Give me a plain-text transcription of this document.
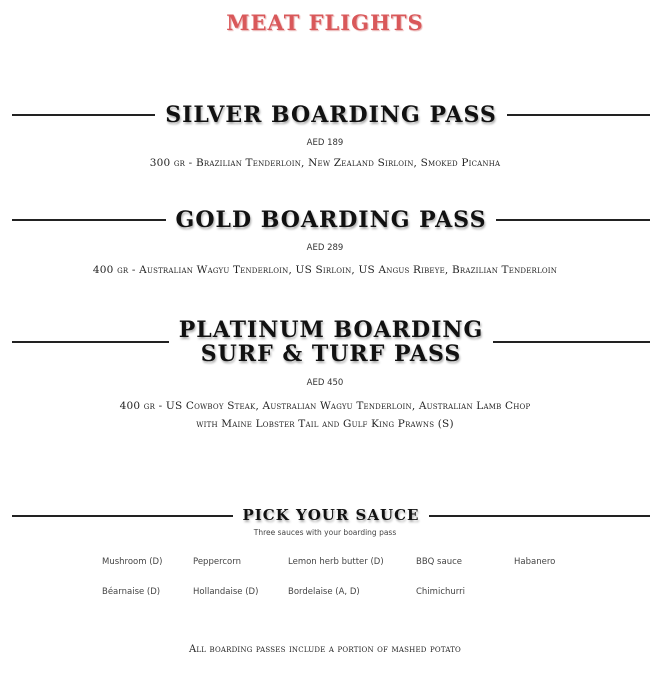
MEAT FLIGHTS
SILVER BOARDING PASS
AED 189
300 gr - Brazilian Tenderloin, New Zealand Sirloin, Smoked Picanha
GOLD BOARDING PASS
AED 289
400 gr - Australian Wagyu Tenderloin, US Sirloin, US Angus Ribeye, Brazilian Tenderloin
PLATINUM BOARDING
SURF & TURF PASS
AED 450
400 gr - US Cowboy Steak, Australian Wagyu Tenderloin, Australian Lamb Chop
with Maine Lobster Tail and Gulf King Prawns (S)
PICK YOUR SAUCE
Three sauces with your boarding pass
Mushroom (D)	Peppercorn	Lemon herb butter (D)	BBQ sauce	Habanero
Béarnaise (D)	Hollandaise (D)	Bordelaise (A, D)	Chimichurri
All boarding passes include a portion of mashed potato
